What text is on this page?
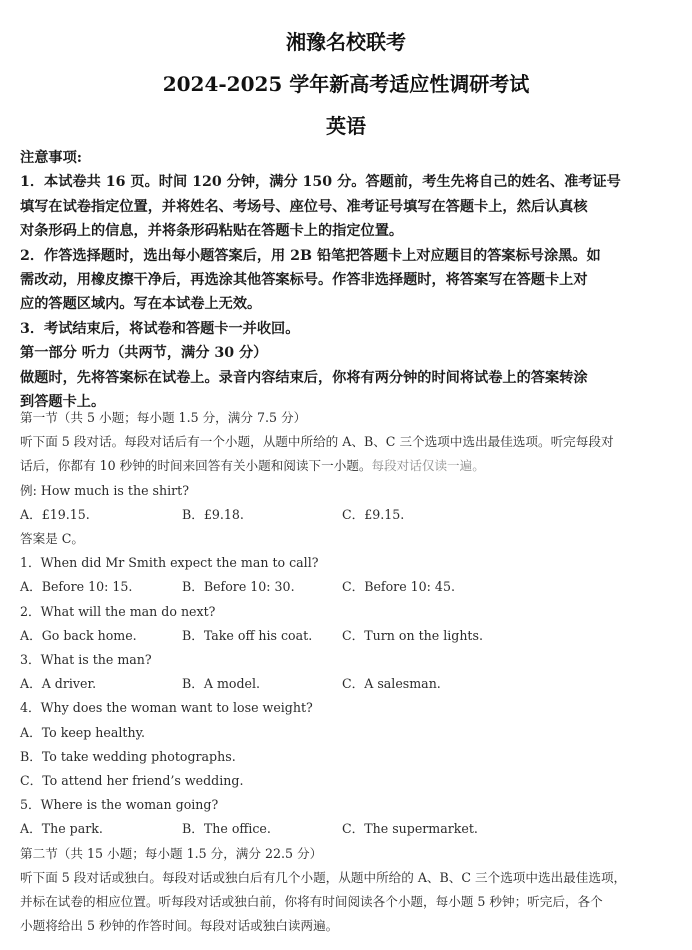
湘豫名校联考
2024-2025 学年新高考适应性调研考试
英语

注意事项:

1．本试卷共 16 页。时间 120 分钟，满分 150 分。答题前，考生先将自己的姓名、准考证号

填写在试卷指定位置，并将姓名、考场号、座位号、准考证号填写在答题卡上，然后认真核

对条形码上的信息，并将条形码粘贴在答题卡上的指定位置。

2．作答选择题时，选出每小题答案后，用 2B 铅笔把答题卡上对应题目的答案标号涂黑。如

需改动，用橡皮擦干净后，再选涂其他答案标号。作答非选择题时，将答案写在答题卡上对

应的答题区域内。写在本试卷上无效。

3．考试结束后，将试卷和答题卡一并收回。

第一部分 听力（共两节，满分 30 分）

做题时，先将答案标在试卷上。录音内容结束后，你将有两分钟的时间将试卷上的答案转涂

到答题卡上。

第一节（共 5 小题；每小题 1.5 分，满分 7.5 分）

听下面 5 段对话。每段对话后有一个小题，从题中所给的 A、B、C 三个选项中选出最佳选项。听完每段对

话后，你都有 10 秒钟的时间来回答有关小题和阅读下一小题。每段对话仅读一遍。

例: How much is the shirt?

A．£19.15.	B．£9.18.	C．£9.15.

答案是 C。

1．When did Mr Smith expect the man to call?

A．Before 10: 15.	B．Before 10: 30.	C．Before 10: 45.

2．What will the man do next?

A．Go back home.	B．Take off his coat.	C．Turn on the lights.

3．What is the man?

A．A driver.	B．A model.	C．A salesman.

4．Why does the woman want to lose weight?

A．To keep healthy.

B．To take wedding photographs.

C．To attend her friend’s wedding.

5．Where is the woman going?

A．The park.	B．The office.	C．The supermarket.

第二节（共 15 小题；每小题 1.5 分，满分 22.5 分）

听下面 5 段对话或独白。每段对话或独白后有几个小题，从题中所给的 A、B、C 三个选项中选出最佳选项，

并标在试卷的相应位置。听每段对话或独白前，你将有时间阅读各个小题，每小题 5 秒钟；听完后，各个

小题将给出 5 秒钟的作答时间。每段对话或独白读两遍。
